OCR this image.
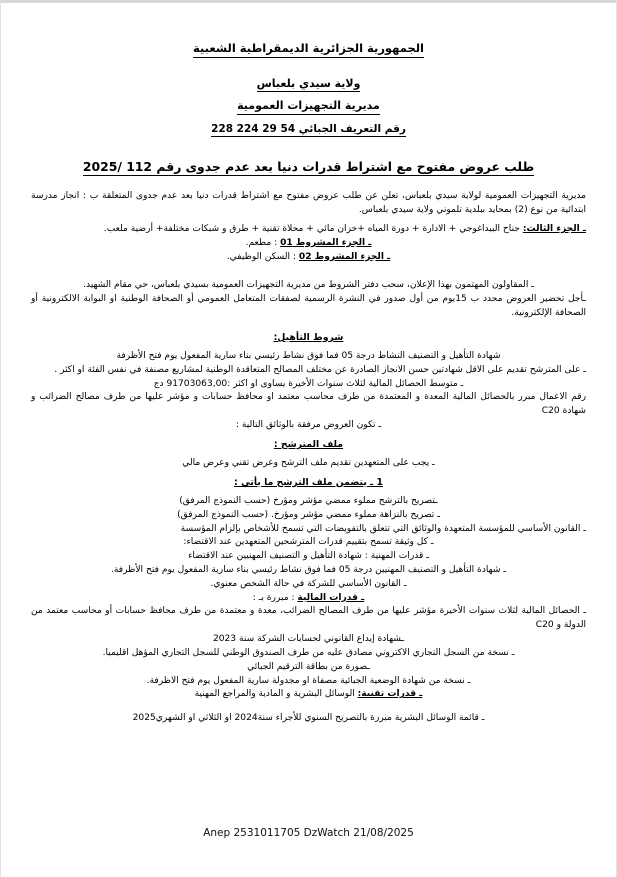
الجمهورية الجزائرية الديمقراطية الشعبية
ولاية سيدي بلعباس
مديرية التجهيزات العمومية
رقم التعريف الجبائي 54 29 224 228
طلب عروض مفتوح مع اشتراط قدرات دنيا بعد عدم جدوى رقم 112 /2025

مديرية التجهيزات العمومية لولاية سيدي بلعباس، تعلن عن طلب عروض مفتوح مع اشتراط قدرات دنيا بعد عدم جدوى المتعلقة ب : انجاز مدرسة ابتدائية من نوع (2) بمحايد ببلدية تلموني ولاية سيدي بلعباس.

ـ الجزء الثالث: جناح البيداغوجي + الادارة + دورة المياه +خزان مائي + محلاة تقنية + طرق و شبكات مختلفة+ أرضية ملعب.

ـ الجزء المشروط 01 : مطعم.

ـ الجزء المشروط 02 : السكن الوظيفي.

ـ المقاولون المهتمون بهذا الإعلان، سحب دفتر الشروط من مديرية التجهيزات العمومية بسيدي بلعباس، حي مقام الشهيد.

ـأجل تحضير العروض محدد ب 15يوم من أول صدور في النشرة الرسمية لصفقات المتعامل العمومي أو الصحافة الوطنية او البوابة الالكترونية أو الصحافة الإلكترونية.

شروط التأهيل:

شهادة التأهيل و التصنيف النشاط درجة 05 فما فوق نشاط رئيسي بناء سارية المفعول يوم فتح الأظرفة

ـ على المترشح تقديم على الاقل شهادتين حسن الانجاز الصادرة عن مختلف المصالح المتعاقدة الوطنية لمشاريع مصنفة في نفس الفئة او اكثر .

ـ متوسط الحصائل المالية لثلاث سنوات الأخيرة يساوى او اكثر :91703063,00 دج

رقم الاعمال مبرر بالحصائل المالية المعدة و المعتمدة من طرف محاسب معتمد او محافظ حسابات و مؤشر عليها من طرف مصالح الضرائب و شهادة C20

ـ تكون العروض مرفقة بالوثائق التالية :

ملف المترشح :

ـ يجب على المتعهدين تقديم ملف الترشح وعرض تقني وعرض مالي

1 ـ يتضمن ملف الترشح ما يأتي :

ـتصريح بالترشح مملوء ممضي مؤشر ومؤرخ (حسب النموذج المرفق)

ـ تصريح بالنزاهة مملوء ممضي مؤشر ومؤرخ. (حسب النموذج المرفق)

ـ القانون الأساسي للمؤسسة المتعهدة والوثائق التي تتعلق بالتفويضات التي تسمح للأشخاص بإلزام المؤسسة

ـ كل وثيقة تسمح بتقييم قدرات المترشحين المتعهدين عند الاقتضاء:

ـ قدرات المهنية : شهادة التأهيل و التصنيف المهنيين عند الاقتضاء

ـ شهادة التأهيل و التصنيف المهنيين درجة 05 فما فوق نشاط رئيسي بناء سارية المفعول يوم فتح الأظرفة.

ـ القانون الأساسي للشركة في حالة الشخص معنوي.

ـ قدرات المالية : مبررة بـ :

ـ الحصائل المالية لثلاث سنوات الأخيرة مؤشر عليها من طرف المصالح الضرائب، معدة و معتمدة من طرف محافظ حسابات أو محاسب معتمد من الدولة و C20

ـشهادة إيداع القانوني لحسابات الشركة سنة 2023

ـ نسخة من السجل التجاري الاكتروني مصادق عليه من طرف الصندوق الوطني للسجل التجاري المؤهل اقليميا.

ـصورة من بطاقة الترقيم الجبائي

ـ نسخة من شهادة الوضعية الجبائية مصفاة او مجدولة سارية المفعول يوم فتح الاظرفة.

ـ قدرات تقنية: الوسائل البشرية و المادية والمراجع المهنية

ـ قائمة الوسائل البشرية مبررة بالتصريح السنوي للأجراء سنة2024 او الثلاثي او الشهري2025

Anep 2531011705 DzWatch 21/08/2025
